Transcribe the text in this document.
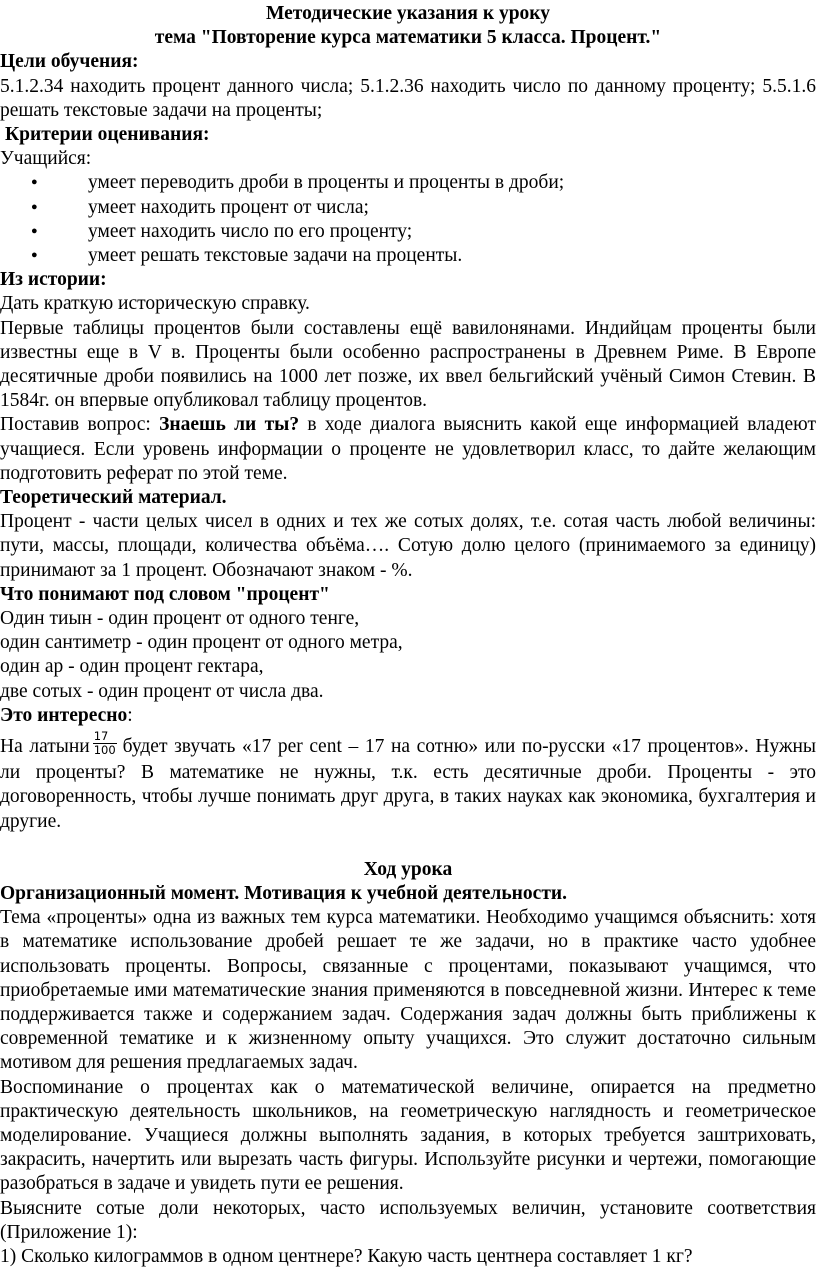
Методические указания к уроку

тема "Повторение курса математики 5 класса. Процент."

Цели обучения:

5.1.2.34 находить процент данного числа; 5.1.2.36 находить число по данному проценту; 5.5.1.6 решать текстовые задачи на проценты;

Критерии оценивания:

Учащийся:

● умеет переводить дроби в проценты и проценты в дроби;
● умеет находить процент от числа;
● умеет находить число по его проценту;
● умеет решать текстовые задачи на проценты.

Из истории:

Дать краткую историческую справку.

Первые таблицы процентов были составлены ещё вавилонянами. Индийцам проценты были известны еще в V в. Проценты были особенно распространены в Древнем Риме. В Европе десятичные дроби появились на 1000 лет позже, их ввел бельгийский учёный Симон Стевин. В 1584г. он впервые опубликовал таблицу процентов.

Поставив вопрос: Знаешь ли ты? в ходе диалога выяснить какой еще информацией владеют учащиеся. Если уровень информации о проценте не удовлетворил класс, то дайте желающим подготовить реферат по этой теме.

Теоретический материал.

Процент - части целых чисел в одних и тех же сотых долях, т.е. сотая часть любой величины: пути, массы, площади, количества объёма…. Сотую долю целого (принимаемого за единицу) принимают за 1 процент. Обозначают знаком - %.

Что понимают под словом "процент"

Один тиын - один процент от одного тенге,

один сантиметр - один процент от одного метра,

один ар - один процент гектара,

две сотых - один процент от числа два.

Это интересно:

На латыни $\frac{17}{100}$ будет звучать «17 per cent – 17 на сотню» или по-русски «17 процентов». Нужны ли проценты? В математике не нужны, т.к. есть десятичные дроби. Проценты - это договоренность, чтобы лучше понимать друг друга, в таких науках как экономика, бухгалтерия и другие.

Ход урока

Организационный момент. Мотивация к учебной деятельности.

Тема «проценты» одна из важных тем курса математики. Необходимо учащимся объяснить: хотя в математике использование дробей решает те же задачи, но в практике часто удобнее использовать проценты. Вопросы, связанные с процентами, показывают учащимся, что приобретаемые ими математические знания применяются в повседневной жизни. Интерес к теме поддерживается также и содержанием задач. Содержания задач должны быть приближены к современной тематике и к жизненному опыту учащихся. Это служит достаточно сильным мотивом для решения предлагаемых задач.

Воспоминание о процентах как о математической величине, опирается на предметно практическую деятельность школьников, на геометрическую наглядность и геометрическое моделирование. Учащиеся должны выполнять задания, в которых требуется заштриховать, закрасить, начертить или вырезать часть фигуры. Используйте рисунки и чертежи, помогающие разобраться в задаче и увидеть пути ее решения.

Выясните сотые доли некоторых, часто используемых величин, установите соответствия (Приложение 1):

1) Сколько килограммов в одном центнере? Какую часть центнера составляет 1 кг?
